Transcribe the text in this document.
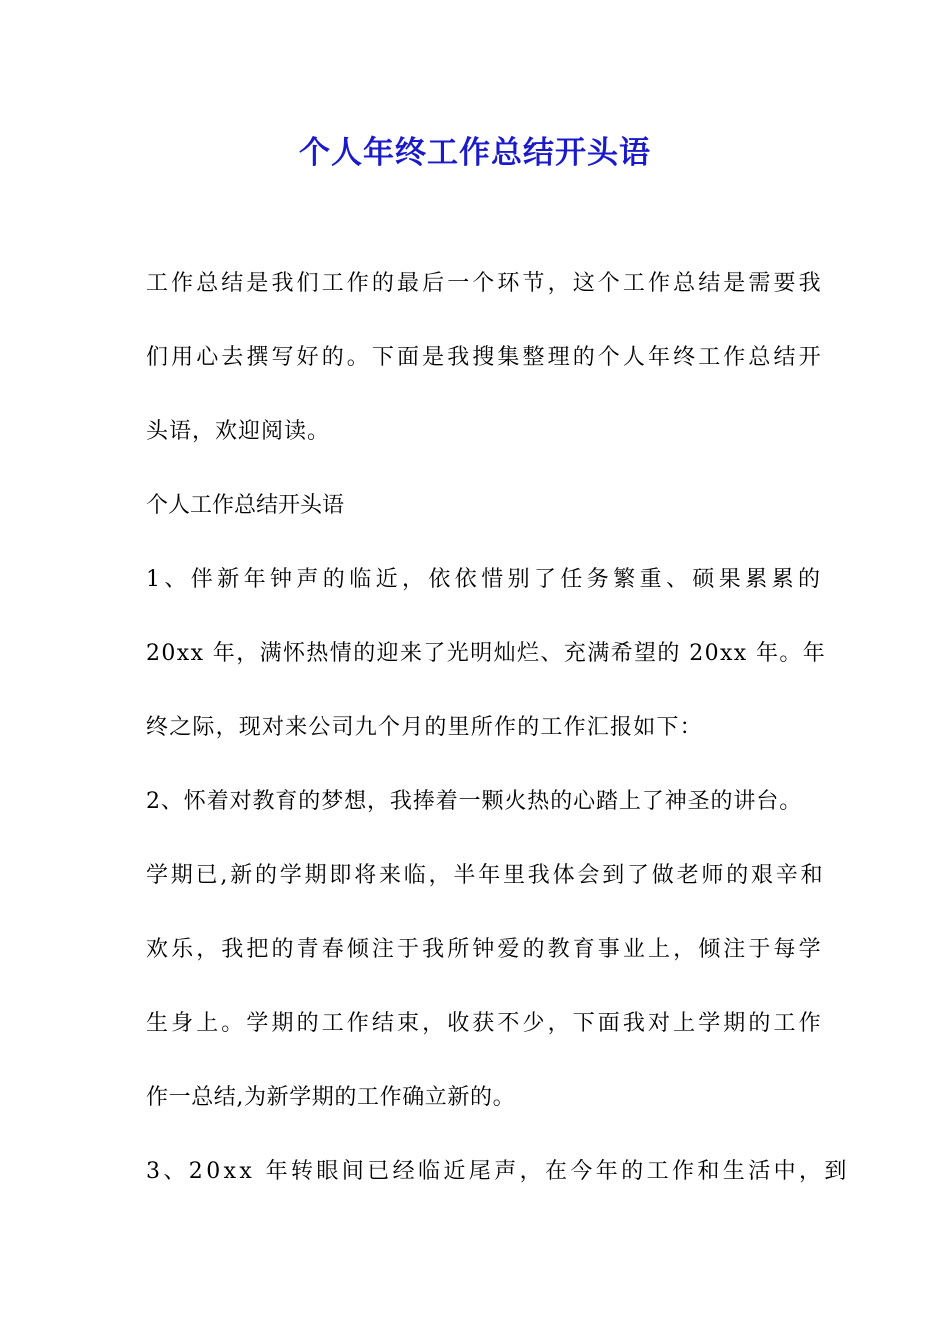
个人年终工作总结开头语
工作总结是我们工作的最后一个环节，这个工作总结是需要我
们用心去撰写好的。下面是我搜集整理的个人年终工作总结开
头语，欢迎阅读。
个人工作总结开头语
1、伴新年钟声的临近，依依惜别了任务繁重、硕果累累的
20xx 年，满怀热情的迎来了光明灿烂、充满希望的 20xx 年。年
终之际，现对来公司九个月的里所作的工作汇报如下：
2、怀着对教育的梦想，我捧着一颗火热的心踏上了神圣的讲台。
学期已,新的学期即将来临，半年里我体会到了做老师的艰辛和
欢乐，我把的青春倾注于我所钟爱的教育事业上，倾注于每学
生身上。学期的工作结束，收获不少，下面我对上学期的工作
作一总结,为新学期的工作确立新的。
3、20xx 年转眼间已经临近尾声，在今年的工作和生活中，到
